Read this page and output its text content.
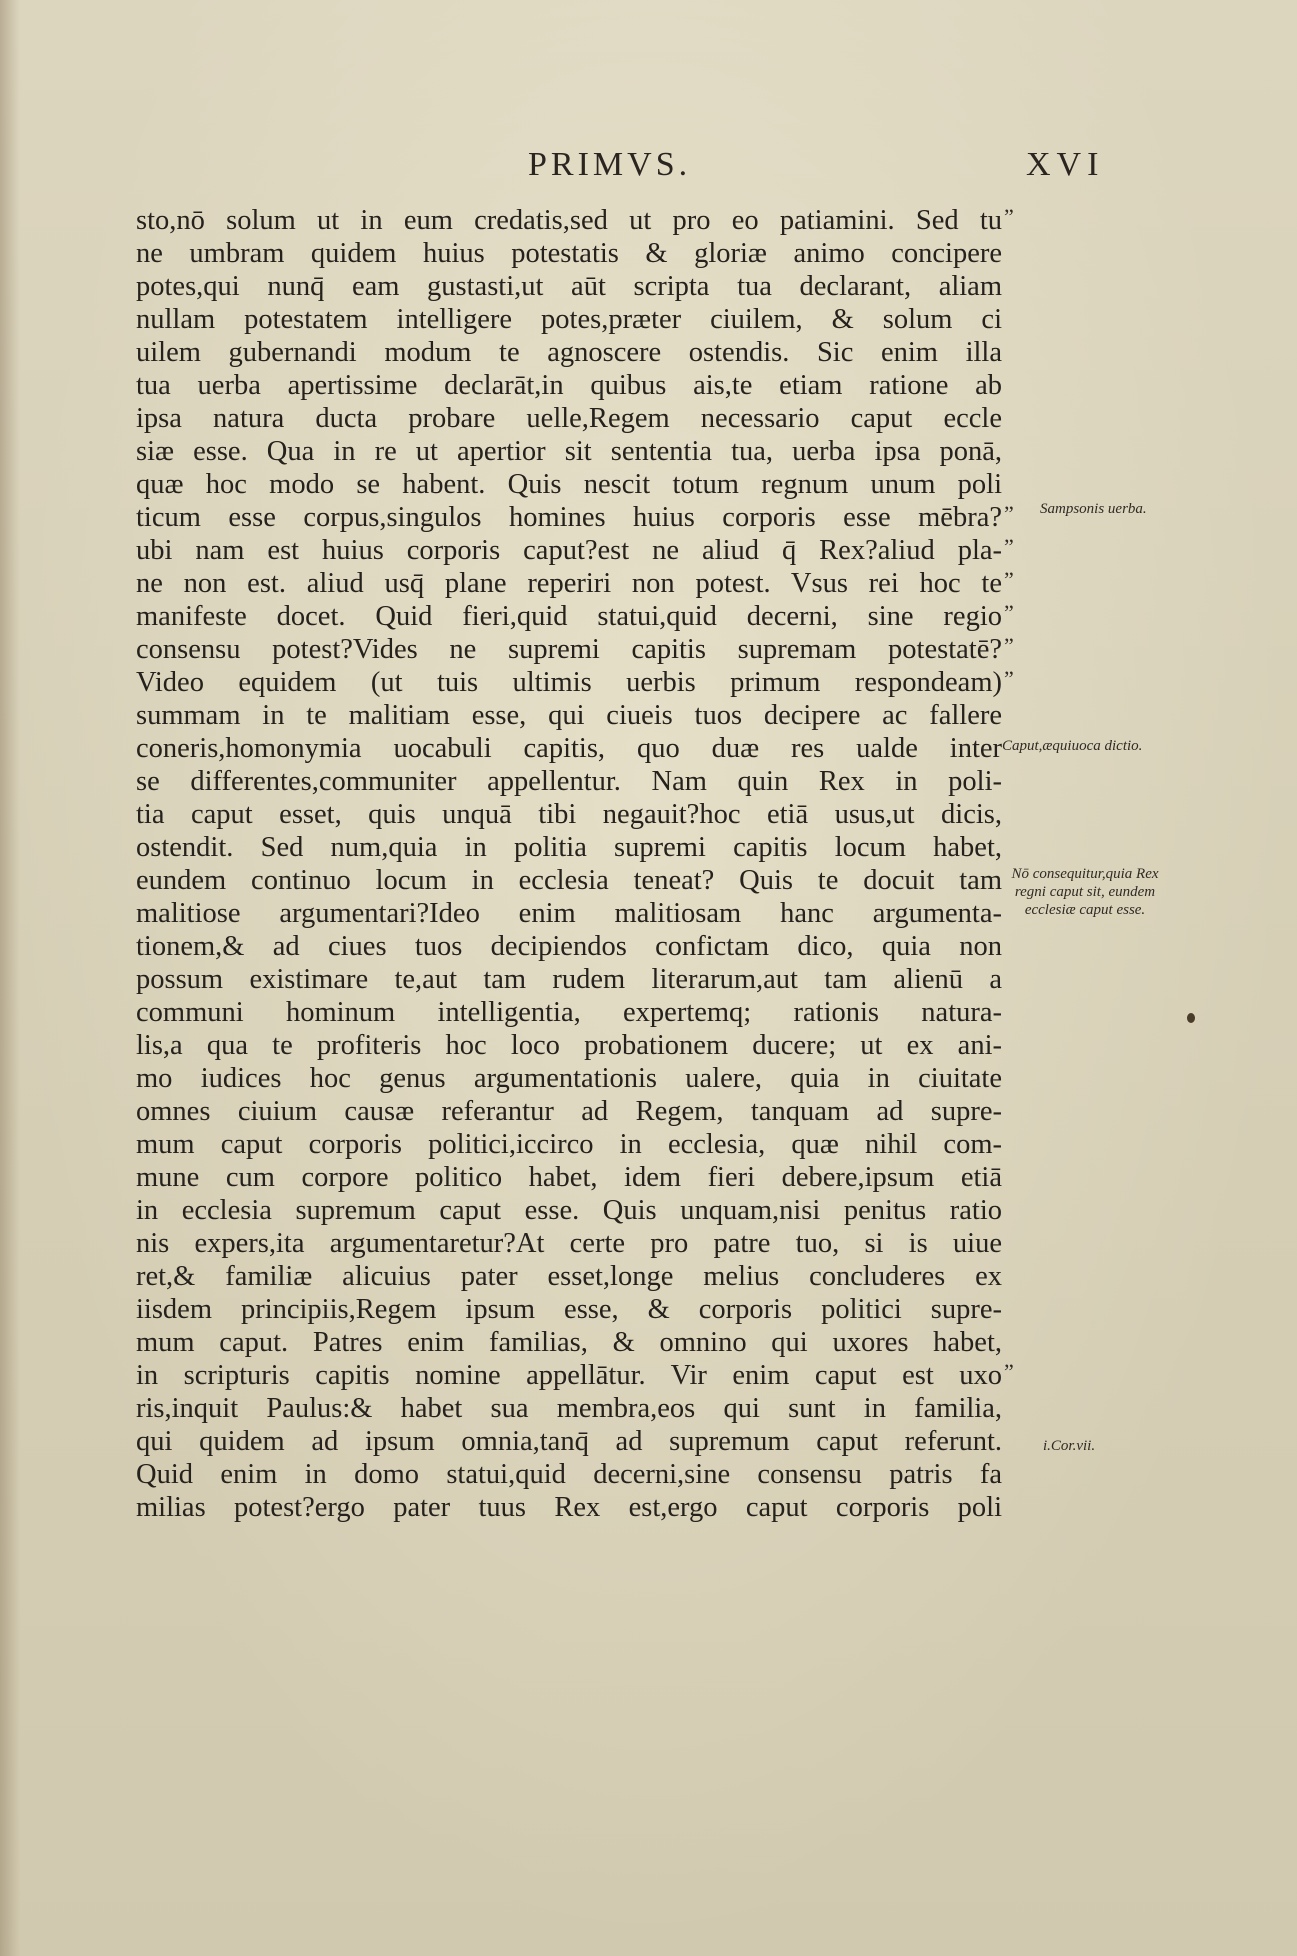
PRIMVS.	XVI
sto,nō solum ut in eum credatis,sed ut pro eo patiamini. Sed tu
ne umbram quidem huius potestatis & gloriæ animo concipere
potes,qui nunq̄ eam gustasti,ut aūt scripta tua declarant, aliam
nullam potestatem intelligere potes,præter ciuilem, & solum ci
uilem gubernandi modum te agnoscere ostendis. Sic enim illa
tua uerba apertissime declarāt,in quibus ais,te etiam ratione ab
ipsa natura ducta probare uelle,Regem necessario caput eccle
siæ esse. Qua in re ut apertior sit sententia tua, uerba ipsa ponā,
quæ hoc modo se habent. Quis nescit totum regnum unum poli
ticum esse corpus,singulos homines huius corporis esse mēbra?
ubi nam est huius corporis caput?est ne aliud q̄ Rex?aliud pla-
ne non est. aliud usq̄ plane reperiri non potest. Vsus rei hoc te
manifeste docet. Quid fieri,quid statui,quid decerni, sine regio
consensu potest?Vides ne supremi capitis supremam potestatē?
Video equidem (ut tuis ultimis uerbis primum respondeam)
summam in te malitiam esse, qui ciueis tuos decipere ac fallere
coneris,homonymia uocabuli capitis, quo duæ res ualde inter
se differentes,communiter appellentur. Nam quin Rex in poli-
tia caput esset, quis unquā tibi negauit?hoc etiā usus,ut dicis,
ostendit. Sed num,quia in politia supremi capitis locum habet,
eundem continuo locum in ecclesia teneat? Quis te docuit tam
malitiose argumentari?Ideo enim malitiosam hanc argumenta-
tionem,& ad ciues tuos decipiendos confictam dico, quia non
possum existimare te,aut tam rudem literarum,aut tam alienū a
communi hominum intelligentia, expertemq; rationis natura-
lis,a qua te profiteris hoc loco probationem ducere; ut ex ani-
mo iudices hoc genus argumentationis ualere, quia in ciuitate
omnes ciuium causæ referantur ad Regem, tanquam ad supre-
mum caput corporis politici,iccirco in ecclesia, quæ nihil com-
mune cum corpore politico habet, idem fieri debere,ipsum etiā
in ecclesia supremum caput esse. Quis unquam,nisi penitus ratio
nis expers,ita argumentaretur?At certe pro patre tuo, si is uiue
ret,& familiæ alicuius pater esset,longe melius concluderes ex
iisdem principiis,Regem ipsum esse, & corporis politici supre-
mum caput. Patres enim familias, & omnino qui uxores habet,
in scripturis capitis nomine appellātur. Vir enim caput est uxo
ris,inquit Paulus:& habet sua membra,eos qui sunt in familia,
qui quidem ad ipsum omnia,tanq̄ ad supremum caput referunt.
Quid enim in domo statui,quid decerni,sine consensu patris fa
milias potest?ergo pater tuus Rex est,ergo caput corporis poli
”
”
”
”
”
”
”
”
Sampsonis uerba.
Caput,æquiuoca dictio.
Nō consequitur,quia Rex regni caput sit, eundem ecclesiæ caput esse.
i.Cor.vii.
